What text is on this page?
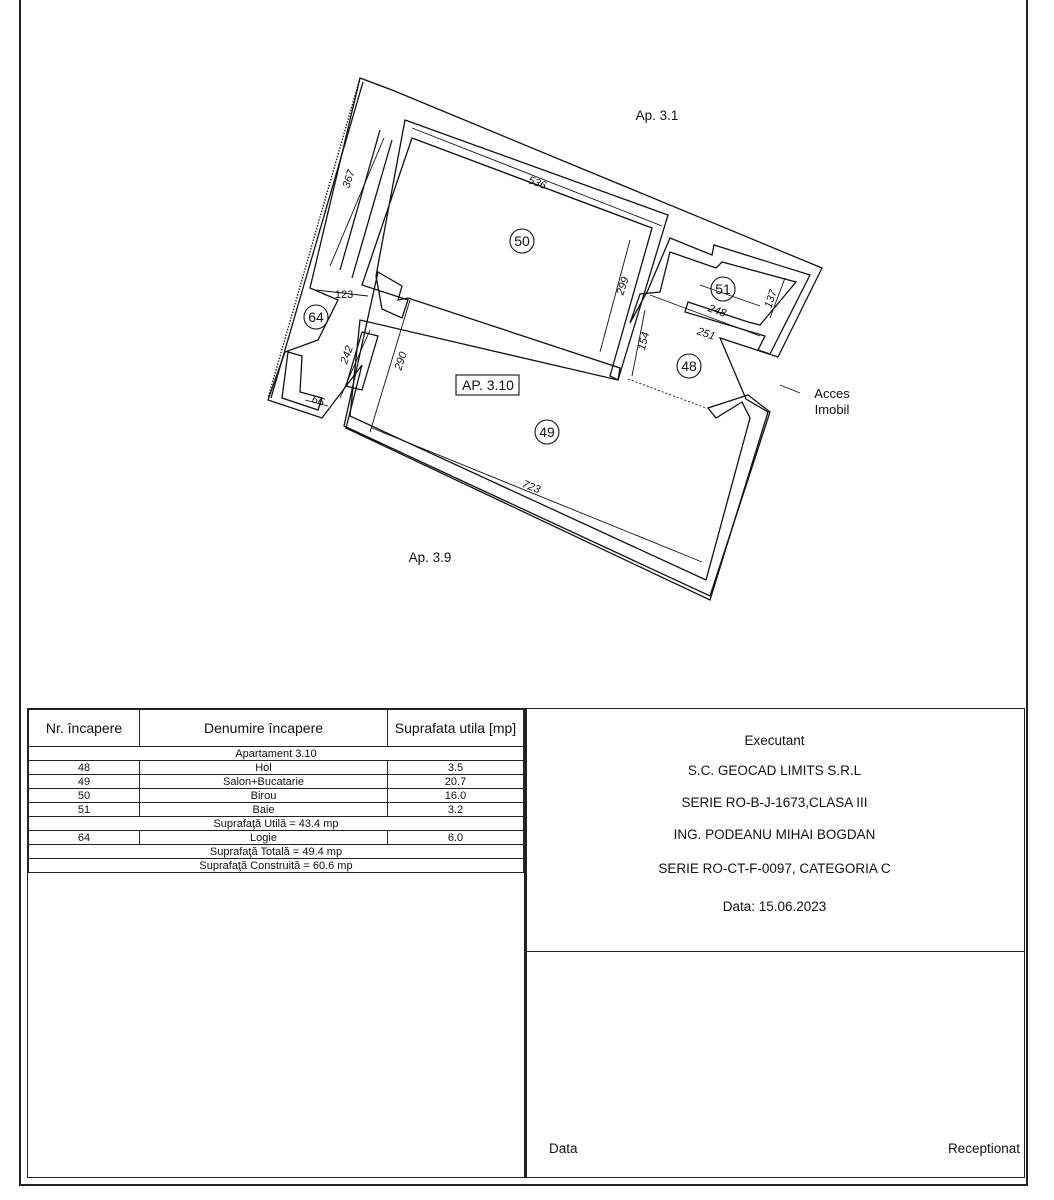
50
51
48
49
64
AP. 3.10
Ap. 3.1
Ap. 3.9
Acces
Imobil
536
367
299
137
248
251
154
123
242	290
66
723
Nr. încapere	Denumire încapere	Suprafata utila [mp]
Apartament 3.10		
48	Hol	3.5
49	Salon+Bucatarie	20.7
50	Birou	16.0
51	Baie	3.2
Suprafaţă Utilă = 43.4 mp		
64	Logie	6.0
Suprafaţă Totală = 49.4 mp		
Suprafaţă Construită = 60.6 mp		
Executant
S.C. GEOCAD LIMITS S.R.L
SERIE RO-B-J-1673,CLASA III
ING. PODEANU MIHAI BOGDAN
SERIE RO-CT-F-0097, CATEGORIA C
Data: 15.06.2023
Data	Receptionat
